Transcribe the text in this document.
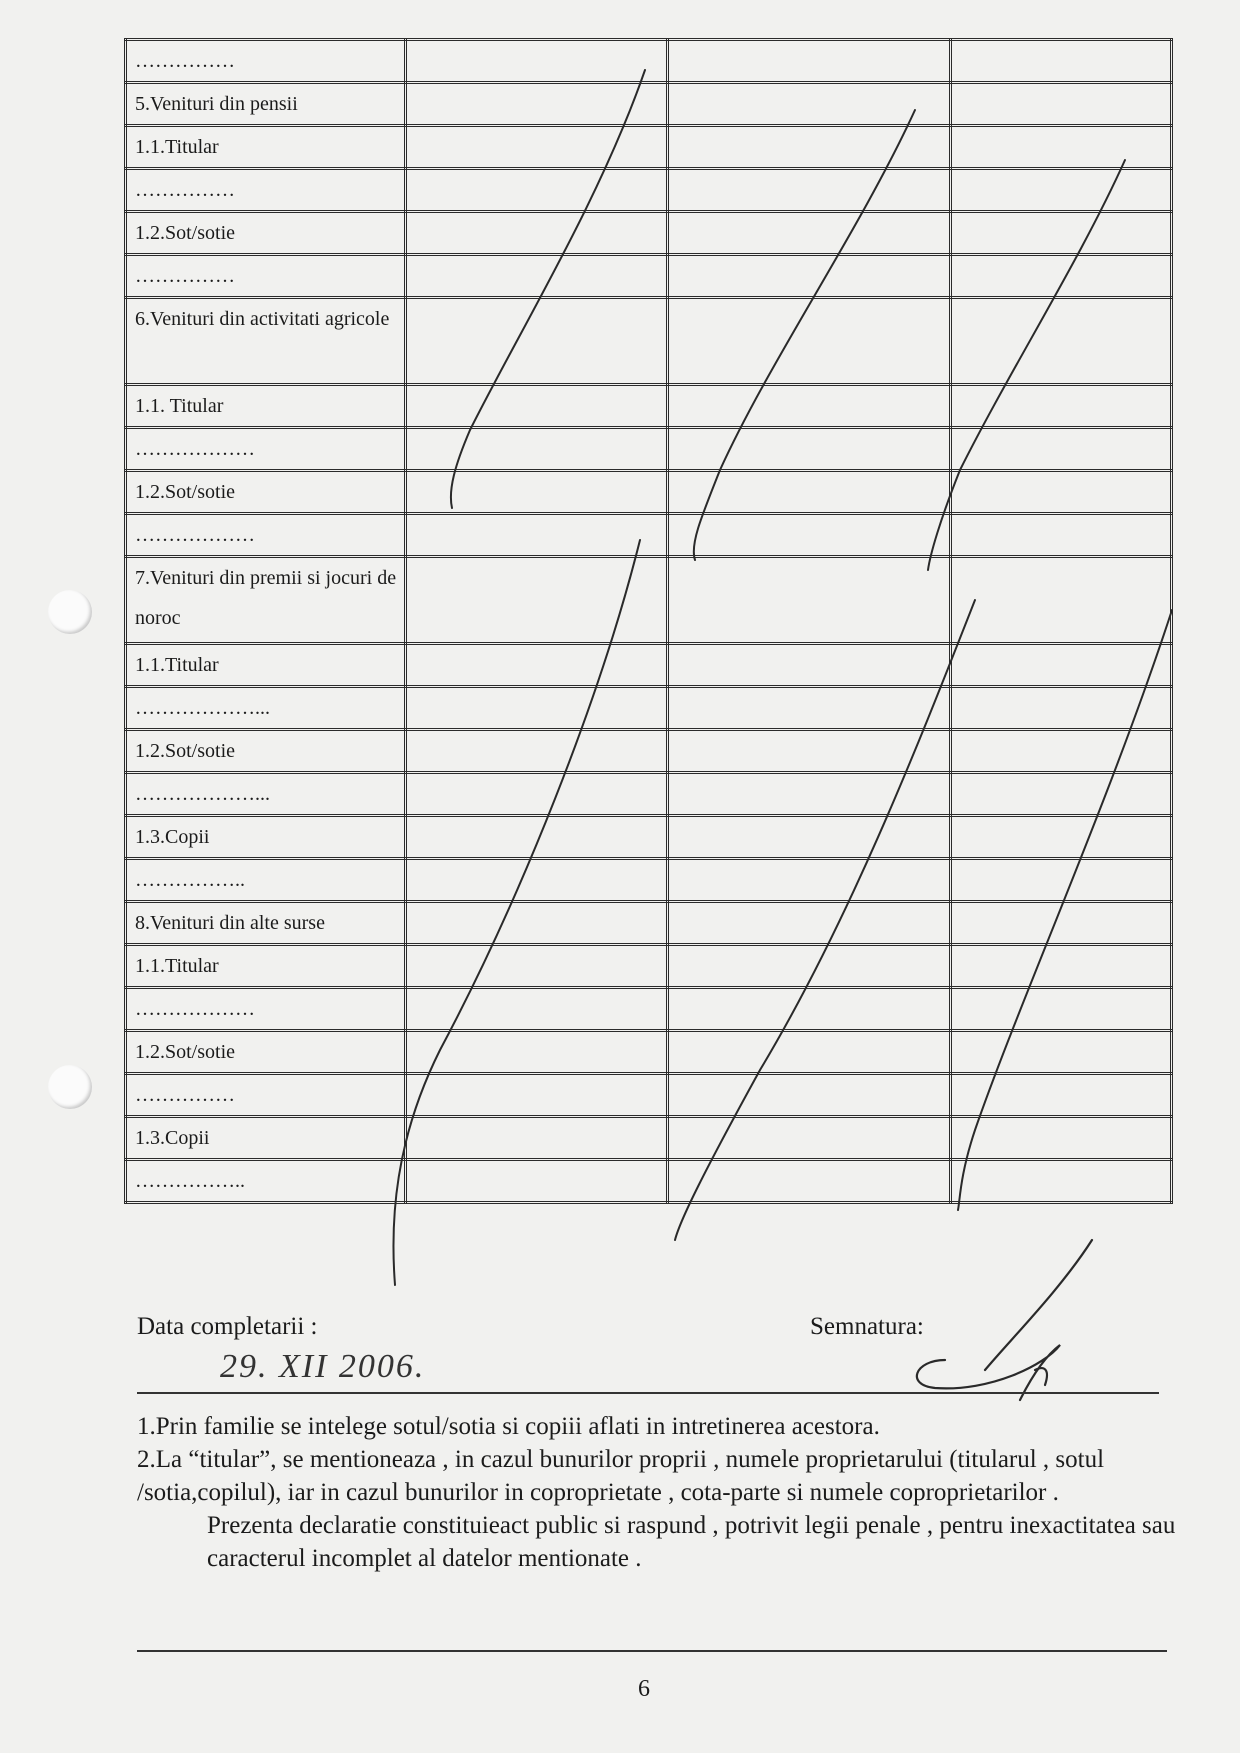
……………			

5.Venituri din pensii			

1.1.Titular			

……………			

1.2.Sot/sotie			

……………			

6.Venituri din activitati agricole			

1.1. Titular			

………………			

1.2.Sot/sotie			

………………			

7.Venituri din premii si jocuri de noroc			

1.1.Titular			

………………...			

1.2.Sot/sotie			

………………...			

1.3.Copii			

……………..			

8.Venituri din alte surse			

1.1.Titular			

………………			

1.2.Sot/sotie			

……………			

1.3.Copii			

……………..			

Data completarii :
29. XII 2006.
Semnatura:

1.Prin familie se intelege sotul/sotia si copiii aflati in intretinerea acestora.

2.La “titular”, se mentioneaza , in cazul bunurilor proprii , numele proprietarului (titularul , sotul /sotia,copilul), iar in cazul bunurilor in coproprietate , cota-parte si numele coproprietarilor .

Prezenta declaratie constituieact public si raspund , potrivit legii penale , pentru inexactitatea sau caracterul incomplet al datelor mentionate .

6
